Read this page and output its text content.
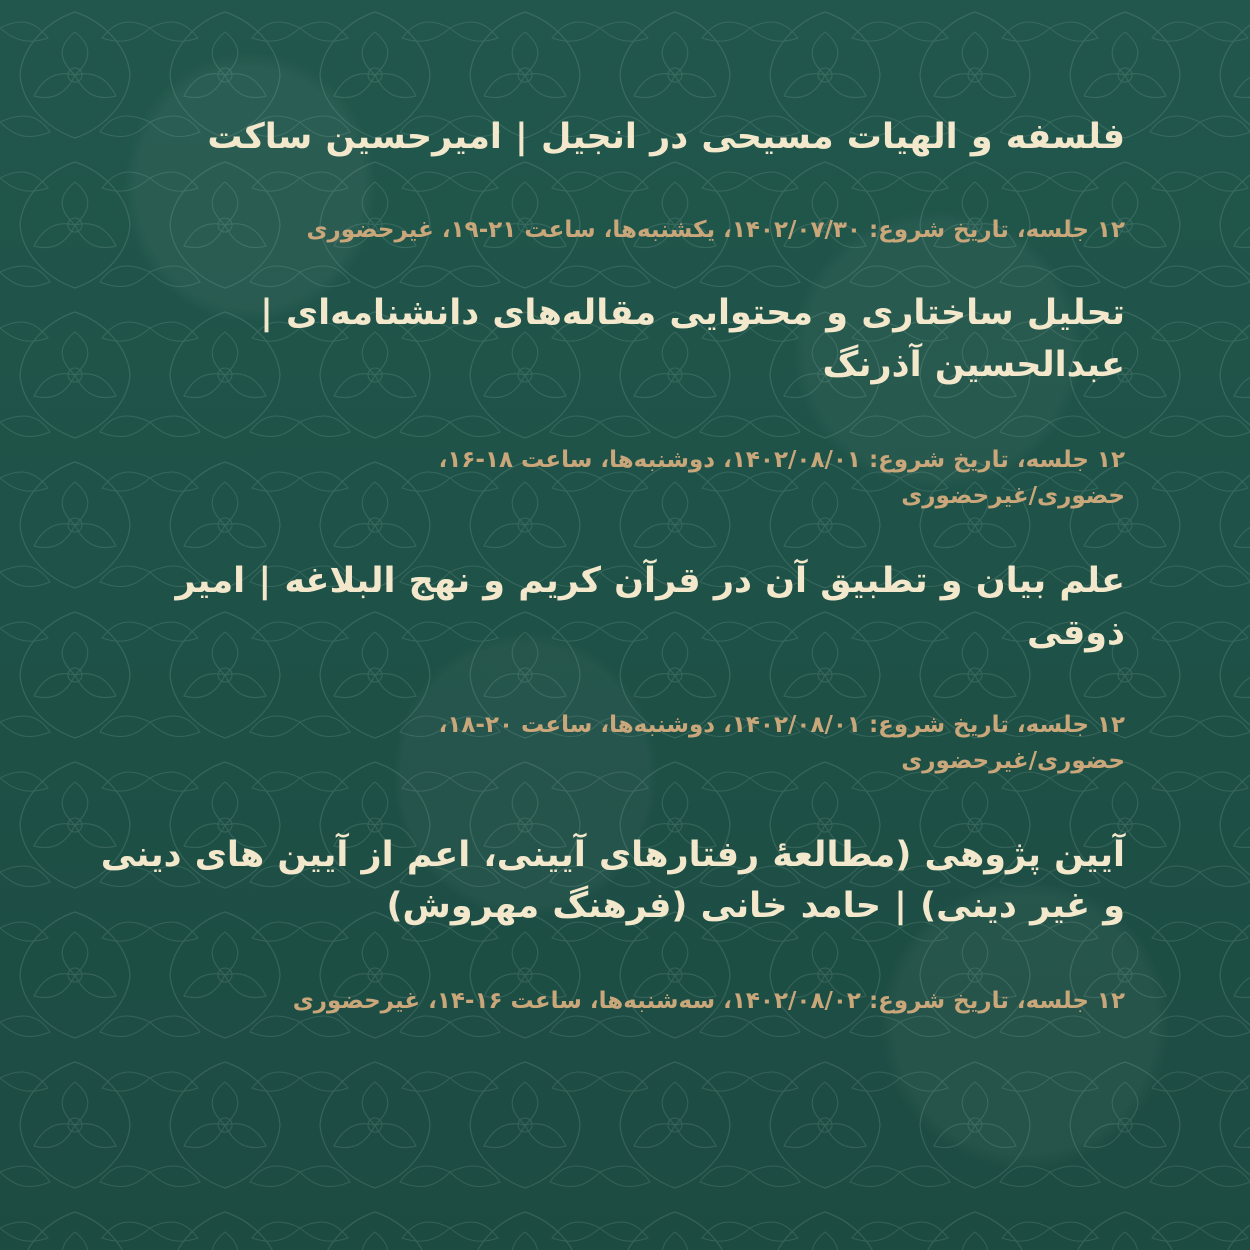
فلسفه و الهیات مسیحی در انجیل | امیرحسین ساکت

۱۲ جلسه، تاریخ شروع: ۱۴۰۲/۰۷/۳۰، یکشنبه‌ها، ساعت ۲۱-۱۹، غیرحضوری

تحلیل ساختاری و محتوایی مقاله‌های دانشنامه‌ای | عبدالحسین آذرنگ

۱۲ جلسه، تاریخ شروع: ۱۴۰۲/۰۸/۰۱، دوشنبه‌ها، ساعت ۱۸-۱۶،
حضوری/غیرحضوری

علم بیان و تطبیق آن در قرآن کریم و نهج البلاغه | امیر ذوقی

۱۲ جلسه، تاریخ شروع: ۱۴۰۲/۰۸/۰۱، دوشنبه‌ها، ساعت ۲۰-۱۸،
حضوری/غیرحضوری

آیین پژوهی (مطالعهٔ رفتارهای آیینی، اعم از آیین های دینی و غیر دینی) | حامد خانی (فرهنگ مهروش)

۱۲ جلسه، تاریخ شروع: ۱۴۰۲/۰۸/۰۲، سه‌شنبه‌ها، ساعت ۱۶-۱۴، غیرحضوری
